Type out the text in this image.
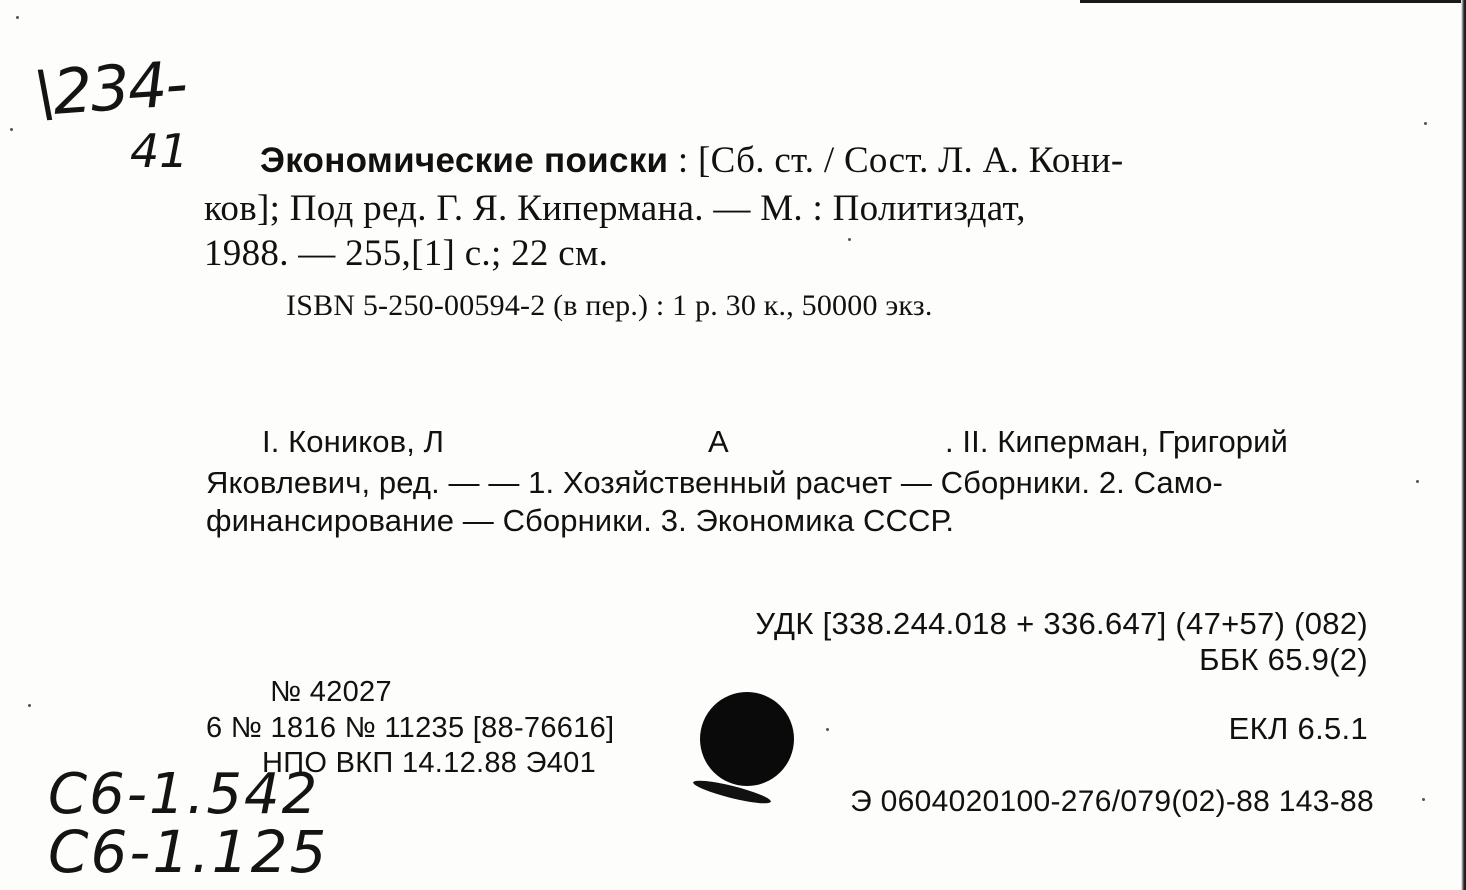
\234-
41 Экономические поиски : [Сб. ст. / Сост. Л. А. Кони-
ков]; Под ред. Г. Я. Кипермана. — М. : Политиздат,
1988. — 255,[1] с.; 22 см.
ISBN 5-250-00594-2 (в пер.) : 1 р. 30 к., 50000 экз.
I. Коников, Л	А	. II. Киперман, Григорий
Яковлевич, ред. — — 1. Хозяйственный расчет — Сборники. 2. Само-
финансирование — Сборники. 3. Экономика СССР.
УДК [338.244.018 + 336.647] (47+57) (082)
ББК 65.9(2)
№ 42027
6 № 1816 № 11235 [88-76616]
НПО ВКП 14.12.88 Э401
ЕКЛ 6.5.1
Э 0604020100-276/079(02)-88 143-88
C6-1.542
C6-1.125
